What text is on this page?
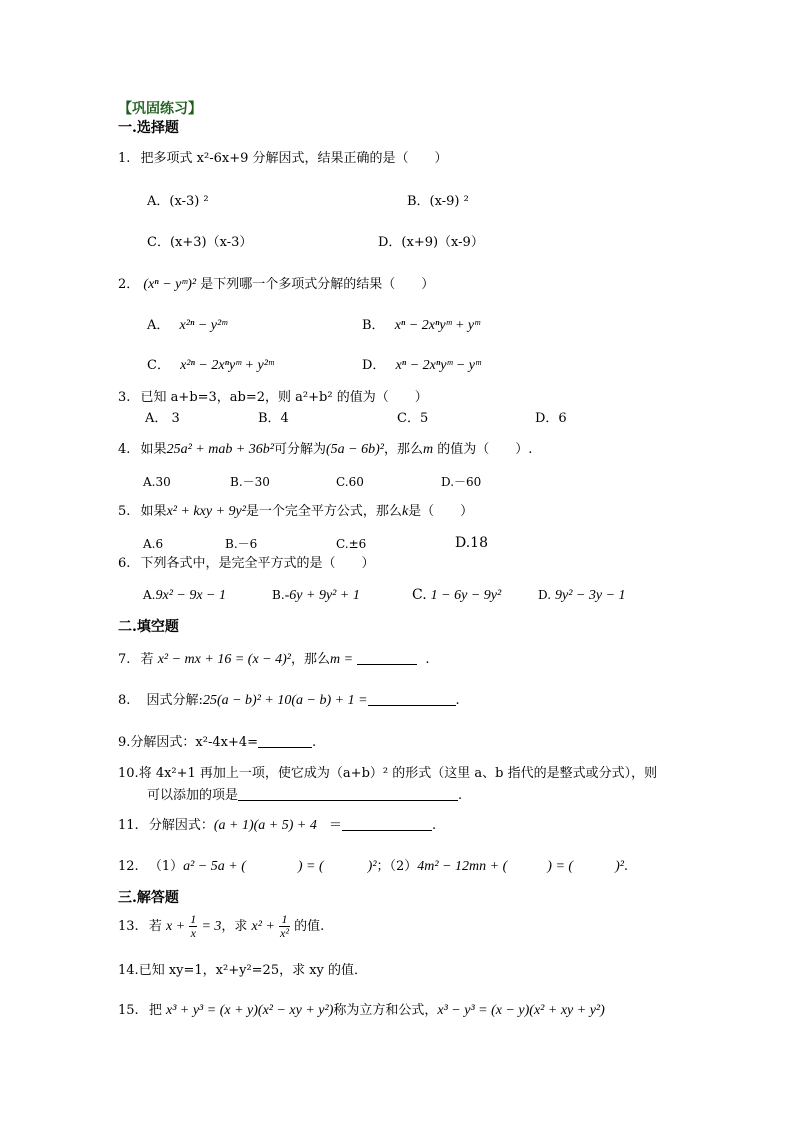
【巩固练习】
一.选择题
1. 把多项式 x²-6x+9 分解因式，结果正确的是（　　）
A．(x-3) ²	B．(x-9) ²
C．(x+3)（x-3）	D．(x+9)（x-9）
2． (xⁿ − yᵐ)² 是下列哪一个多项式分解的结果（　　）
A． x²ⁿ − y²ᵐ	B． xⁿ − 2xⁿyᵐ + yᵐ
C． x²ⁿ − 2xⁿyᵐ + y²ᵐ	D． xⁿ − 2xⁿyᵐ − yᵐ
3. 已知 a+b=3，ab=2，则 a²+b² 的值为（　　）
A． 3	B．4	C．5	D．6
4. 如果25a² + mab + 36b²可分解为(5a − 6b)²，那么m 的值为（　　）.
A.30	B.－30	C.60	D.－60
5. 如果x² + kxy + 9y²是一个完全平方公式，那么k是（　　）
A.6	B.－6	C.±6	D.18
6. 下列各式中，是完全平方式的是（　　）
A.9x² − 9x − 1	B.-6y + 9y² + 1	C. 1 − 6y − 9y²	D. 9y² − 3y − 1
二.填空题
7. 若 x² − mx + 16 = (x − 4)²，那么m =	.
8. 因式分解:25(a − b)² + 10(a − b) + 1 =	.
9.分解因式：x²-4x+4=	.
10.将 4x²+1 再加上一项，使它成为（a+b）² 的形式（这里 a、b 指代的是整式或分式），则
可以添加的项是	.
11. 分解因式：(a + 1)(a + 5) + 4 ＝	.
12. （1）a² − 5a + (	) = (	)²；（2）4m² − 12mn + (	) = (	)².
三.解答题
13. 若 $x + \frac{1}{x} = 3$，求 $x^2 + \frac{1}{\text{x²}}$ 的值.
14.已知 xy=1，x²+y²=25，求 xy 的值．
15. 把 x³ + y³ = (x + y)(x² − xy + y²)称为立方和公式，x³ − y³ = (x − y)(x² + xy + y²)
